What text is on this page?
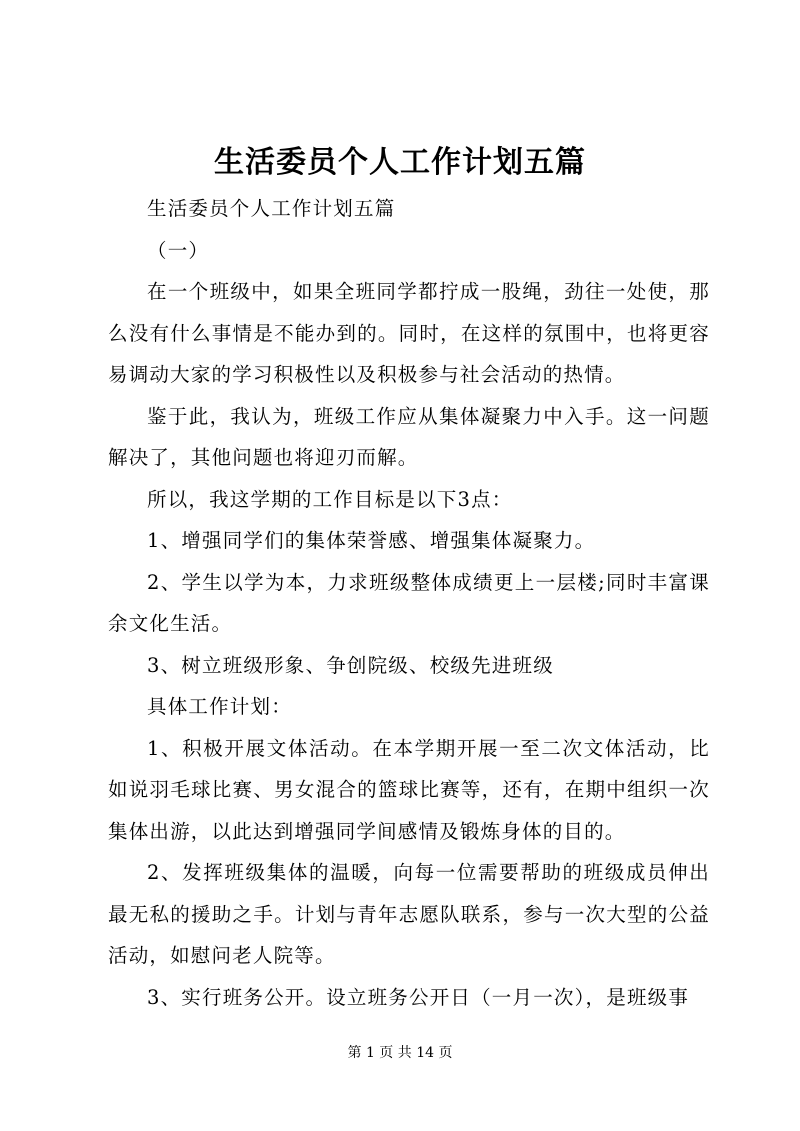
生活委员个人工作计划五篇

生活委员个人工作计划五篇

（一）

在一个班级中，如果全班同学都拧成一股绳，劲往一处使，那么没有什么事情是不能办到的。同时，在这样的氛围中，也将更容易调动大家的学习积极性以及积极参与社会活动的热情。

鉴于此，我认为，班级工作应从集体凝聚力中入手。这一问题解决了，其他问题也将迎刃而解。

所以，我这学期的工作目标是以下3点：

1、增强同学们的集体荣誉感、增强集体凝聚力。

2、学生以学为本，力求班级整体成绩更上一层楼;同时丰富课余文化生活。

3、树立班级形象、争创院级、校级先进班级

具体工作计划：

1、积极开展文体活动。在本学期开展一至二次文体活动，比如说羽毛球比赛、男女混合的篮球比赛等，还有，在期中组织一次集体出游，以此达到增强同学间感情及锻炼身体的目的。

2、发挥班级集体的温暖，向每一位需要帮助的班级成员伸出最无私的援助之手。计划与青年志愿队联系，参与一次大型的公益活动，如慰问老人院等。

3、实行班务公开。设立班务公开日（一月一次），是班级事

第 1 页 共 14 页
